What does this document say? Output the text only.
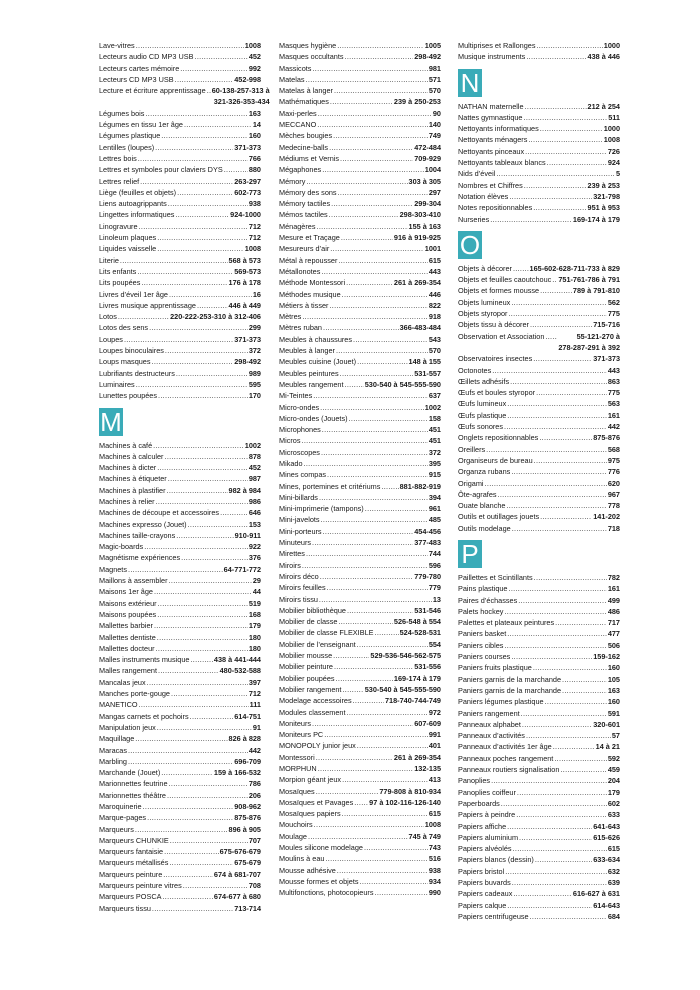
Lave-vitres .....	1008
Lecteurs audio CD MP3 USB .....	452
Lecteurs cartes mémoire .....	992
Lecteurs CD MP3 USB .....	452-998
Lecture et écriture apprentissage ..... 60-138-257-313 à
321-326-353-434
Légumes bois .....	163
Légumes en tissu 1er âge .....	14
Légumes plastique .....	160
Lentilles (loupes) .....	371-373
Lettres bois .....	766
Lettres et symboles pour claviers DYS .....	880
Lettres relief .....	263-297
Liège (feuilles et objets) .....	602-773
Liens autoagrippants .....	938
Lingettes informatiques .....	924-1000
Linogravure .....	712
Linoleum plaques .....	712
Liquides vaisselle .....	1008
Literie .....	568 à 573
Lits enfants .....	569-573
Lits poupées .....	176 à 178
Livres d’éveil 1er âge .....	16
Livres musique apprentissage .....	446 à 449
Lotos .....	220-222-253-310 à 312-406
Lotos des sens .....	299
Loupes .....	371-373
Loupes binoculaires .....	372
Loups masques .....	298-492
Lubrifiants destructeurs .....	989
Luminaires .....	595
Lunettes poupées .....	170
M
Machines à café .....	1002
Machines à calculer .....	878
Machines à dicter .....	452
Machines à étiqueter .....	987
Machines à plastifier .....	982 à 984
Machines à relier .....	986
Machines de découpe et accessoires .....	646
Machines expresso (Jouet) .....	153
Machines taille-crayons .....	910-911
Magic-boards .....	922
Magnétisme expériences .....	376
Magnets .....	64-771-772
Maillons à assembler .....	29
Maisons 1er âge .....	44
Maisons extérieur .....	519
Maisons poupées .....	168
Mallettes barbier .....	179
Mallettes dentiste .....	180
Mallettes docteur .....	180
Malles instruments musique .....	438 à 441-444
Malles rangement .....	480-532-588
Mancalas jeux .....	397
Manches porte-gouge .....	712
MANETICO .....	111
Mangas carnets et pochoirs .....	614-751
Manipulation jeux .....	91
Maquillage .....	826 à 828
Maracas .....	442
Marbling .....	696-709
Marchande (Jouet) .....	159 à 166-532
Marionnettes feutrine .....	786
Marionnettes théâtre .....	206
Maroquinerie .....	908-962
Marque-pages .....	875-876
Marqueurs .....	896 à 905
Marqueurs CHUNKIE .....	707
Marqueurs fantaisie .....	675-676-679
Marqueurs métallisés .....	675-679
Marqueurs peinture .....	674 à 681-707
Marqueurs peinture vitres .....	708
Marqueurs POSCA .....	674-677 à 680
Marqueurs tissu .....	713-714
Masques hygiène .....	1005
Masques occultants .....	298-492
Massicots .....	981
Matelas .....	571
Matelas à langer .....	570
Mathématiques .....	239 à 250-253
Maxi-perles .....	90
MECCANO .....	140
Mèches bougies .....	749
Medecine-balls .....	472-484
Médiums et Vernis .....	709-929
Mégaphones .....	1004
Mémory .....	303 à 305
Mémory des sons .....	297
Mémory tactiles .....	299-304
Mémos tactiles .....	298-303-410
Ménagères .....	155 à 163
Mesure et Traçage .....	916 à 919-925
Mesureurs d’air .....	1001
Métal à repousser .....	615
Métallonotes .....	443
Méthode Montessori .....	261 à 269-354
Méthodes musique .....	446
Métiers à tisser .....	822
Mètres .....	918
Mètres ruban .....	366-483-484
Meubles à chaussures .....	543
Meubles à langer .....	570
Meubles cuisine (Jouet) .....	148 à 155
Meubles peintures .....	531-557
Meubles rangement .....	530-540 à 545-555-590
Mi-Teintes .....	637
Micro-ondes .....	1002
Micro-ondes (Jouets) .....	158
Microphones .....	451
Micros .....	451
Microscopes .....	372
Mikado .....	395
Mines compas .....	915
Mines, portemines et critériums .....	881-882-919
Mini-billards .....	394
Mini-imprimerie (tampons) .....	961
Mini-javelots .....	485
Mini-porteurs .....	454-456
Minuteurs .....	377-483
Mirettes .....	744
Miroirs .....	596
Miroirs déco .....	779-780
Miroirs feuilles .....	779
Miroirs tissu .....	13
Mobilier bibliothèque .....	531-546
Mobilier de classe .....	526-548 à 554
Mobilier de classe FLEXIBLE .....	524-528-531
Mobilier de l’enseignant .....	554
Mobilier mousse .....	529-536-546-562-575
Mobilier peinture .....	531-556
Mobilier poupées .....	169-174 à 179
Mobilier rangement .....	530-540 à 545-555-590
Modelage accessoires .....	718-740-744-749
Modules classement .....	972
Moniteurs .....	607-609
Moniteurs PC .....	991
MONOPOLY junior jeux .....	401
Montessori .....	261 à 269-354
MORPHUN .....	132-135
Morpion géant jeux .....	413
Mosaïques .....	779-808 à 810-934
Mosaïques et Pavages ..... 97 à 102-116-126-140
Mosaïques papiers .....	615
Mouchoirs .....	1008
Moulage .....	745 à 749
Moules silicone modelage .....	743
Moulins à eau .....	516
Mousse adhésive .....	938
Mousse formes et objets .....	934
Multifonctions, photocopieurs .....	990
Multiprises et Rallonges .....	1000
Musique instruments .....	438 à 446
N
NATHAN maternelle .....	212 à 254
Nattes gymnastique .....	511
Nettoyants informatiques .....	1000
Nettoyants ménagers .....	1008
Nettoyants pinceaux .....	726
Nettoyants tableaux blancs .....	924
Nids d’éveil .....	5
Nombres et Chiffres .....	239 à 253
Notation élèves .....	321-798
Notes repositionnables .....	951 à 953
Nurseries .....	169-174 à 179
O
Objets à décorer ..... 165-602-628-711-733 à 829
Objets et feuilles caoutchouc ..... 751-761-786 à 791
Objets et formes mousse .....	789 à 791-810
Objets lumineux .....	562
Objets styropor .....	775
Objets tissu à décorer .....	715-716
Observation et Association .....	55-121-270 à
278-287-291 à 392
Observatoires insectes .....	371-373
Octonotes .....	443
Œillets adhésifs .....	863
Œufs et boules styropor .....	775
Œufs lumineux .....	563
Œufs plastique .....	161
Œufs sonores .....	442
Onglets repositionnables .....	875-876
Oreillers .....	568
Organiseurs de bureau .....	975
Organza rubans .....	776
Origami .....	620
Ôte-agrafes .....	967
Ouate blanche .....	778
Outils et outillages jouets .....	141-202
Outils modelage .....	718
P
Paillettes et Scintillants .....	782
Pains plastique .....	161
Paires d’échasses .....	499
Palets hockey .....	486
Palettes et plateaux peintures .....	717
Paniers basket .....	477
Paniers cibles .....	506
Paniers courses .....	159-162
Paniers fruits plastique .....	160
Paniers garnis de la marchande .....	105
Paniers garnis de la marchande .....	163
Paniers légumes plastique .....	160
Paniers rangement .....	591
Panneaux alphabet .....	320-601
Panneaux d’activités .....	57
Panneaux d’activités 1er âge .....	14 à 21
Panneaux poches rangement .....	592
Panneaux routiers signalisation .....	459
Panoplies .....	204
Panoplies coiffeur .....	179
Paperboards .....	602
Papiers à peindre .....	633
Papiers affiche .....	641-643
Papiers aluminium .....	615-626
Papiers alvéolés .....	615
Papiers blancs (dessin) .....	633-634
Papiers bristol .....	632
Papiers buvards .....	639
Papiers cadeaux .....	616-627 à 631
Papiers calque .....	614-643
Papiers centrifugeuse .....	684
